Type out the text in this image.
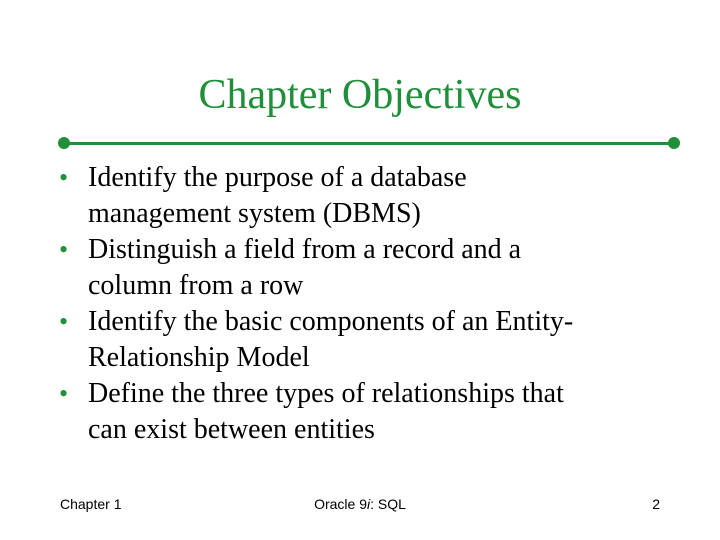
Chapter Objectives
• Identify the purpose of a database
management system (DBMS)
• Distinguish a field from a record and a
column from a row
• Identify the basic components of an Entity-
Relationship Model
• Define the three types of relationships that
can exist between entities
Chapter 1	Oracle 9i: SQL	2
